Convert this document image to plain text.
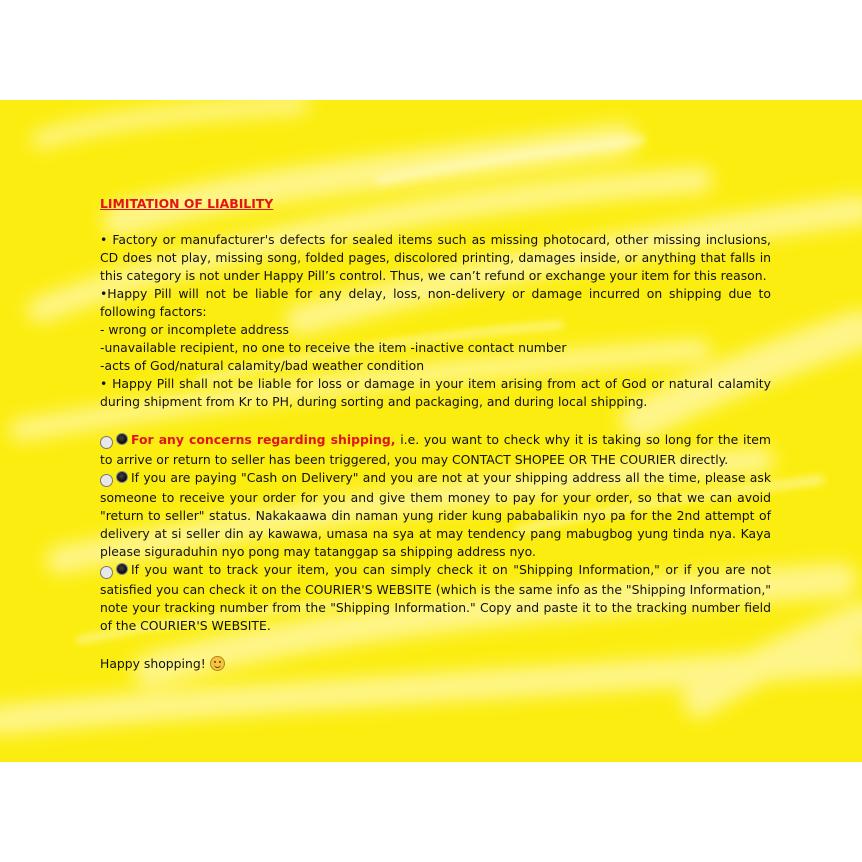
LIMITATION OF LIABILITY
• Factory or manufacturer's defects for sealed items such as missing photocard, other missing inclusions, CD does not play, missing song, folded pages, discolored printing, damages inside, or anything that falls in this category is not under Happy Pill’s control. Thus, we can’t refund or exchange your item for this reason.
•Happy Pill will not be liable for any delay, loss, non-delivery or damage incurred on shipping due to following factors:
- wrong or incomplete address
-unavailable recipient, no one to receive the item -inactive contact number
-acts of God/natural calamity/bad weather condition
• Happy Pill shall not be liable for loss or damage in your item arising from act of God or natural calamity during shipment from Kr to PH, during sorting and packaging, and during local shipping.
For any concerns regarding shipping, i.e. you want to check why it is taking so long for the item to arrive or return to seller has been triggered, you may CONTACT SHOPEE OR THE COURIER directly.
If you are paying "Cash on Delivery" and you are not at your shipping address all the time, please ask someone to receive your order for you and give them money to pay for your order, so that we can avoid "return to seller" status. Nakakaawa din naman yung rider kung pababalikin nyo pa for the 2nd attempt of delivery at si seller din ay kawawa, umasa na sya at may tendency pang mabugbog yung tinda nya. Kaya please siguraduhin nyo pong may tatanggap sa shipping address nyo.
If you want to track your item, you can simply check it on "Shipping Information," or if you are not satisfied you can check it on the COURIER'S WEBSITE (which is the same info as the "Shipping Information," note your tracking number from the "Shipping Information." Copy and paste it to the tracking number field of the COURIER'S WEBSITE.
Happy shopping!
